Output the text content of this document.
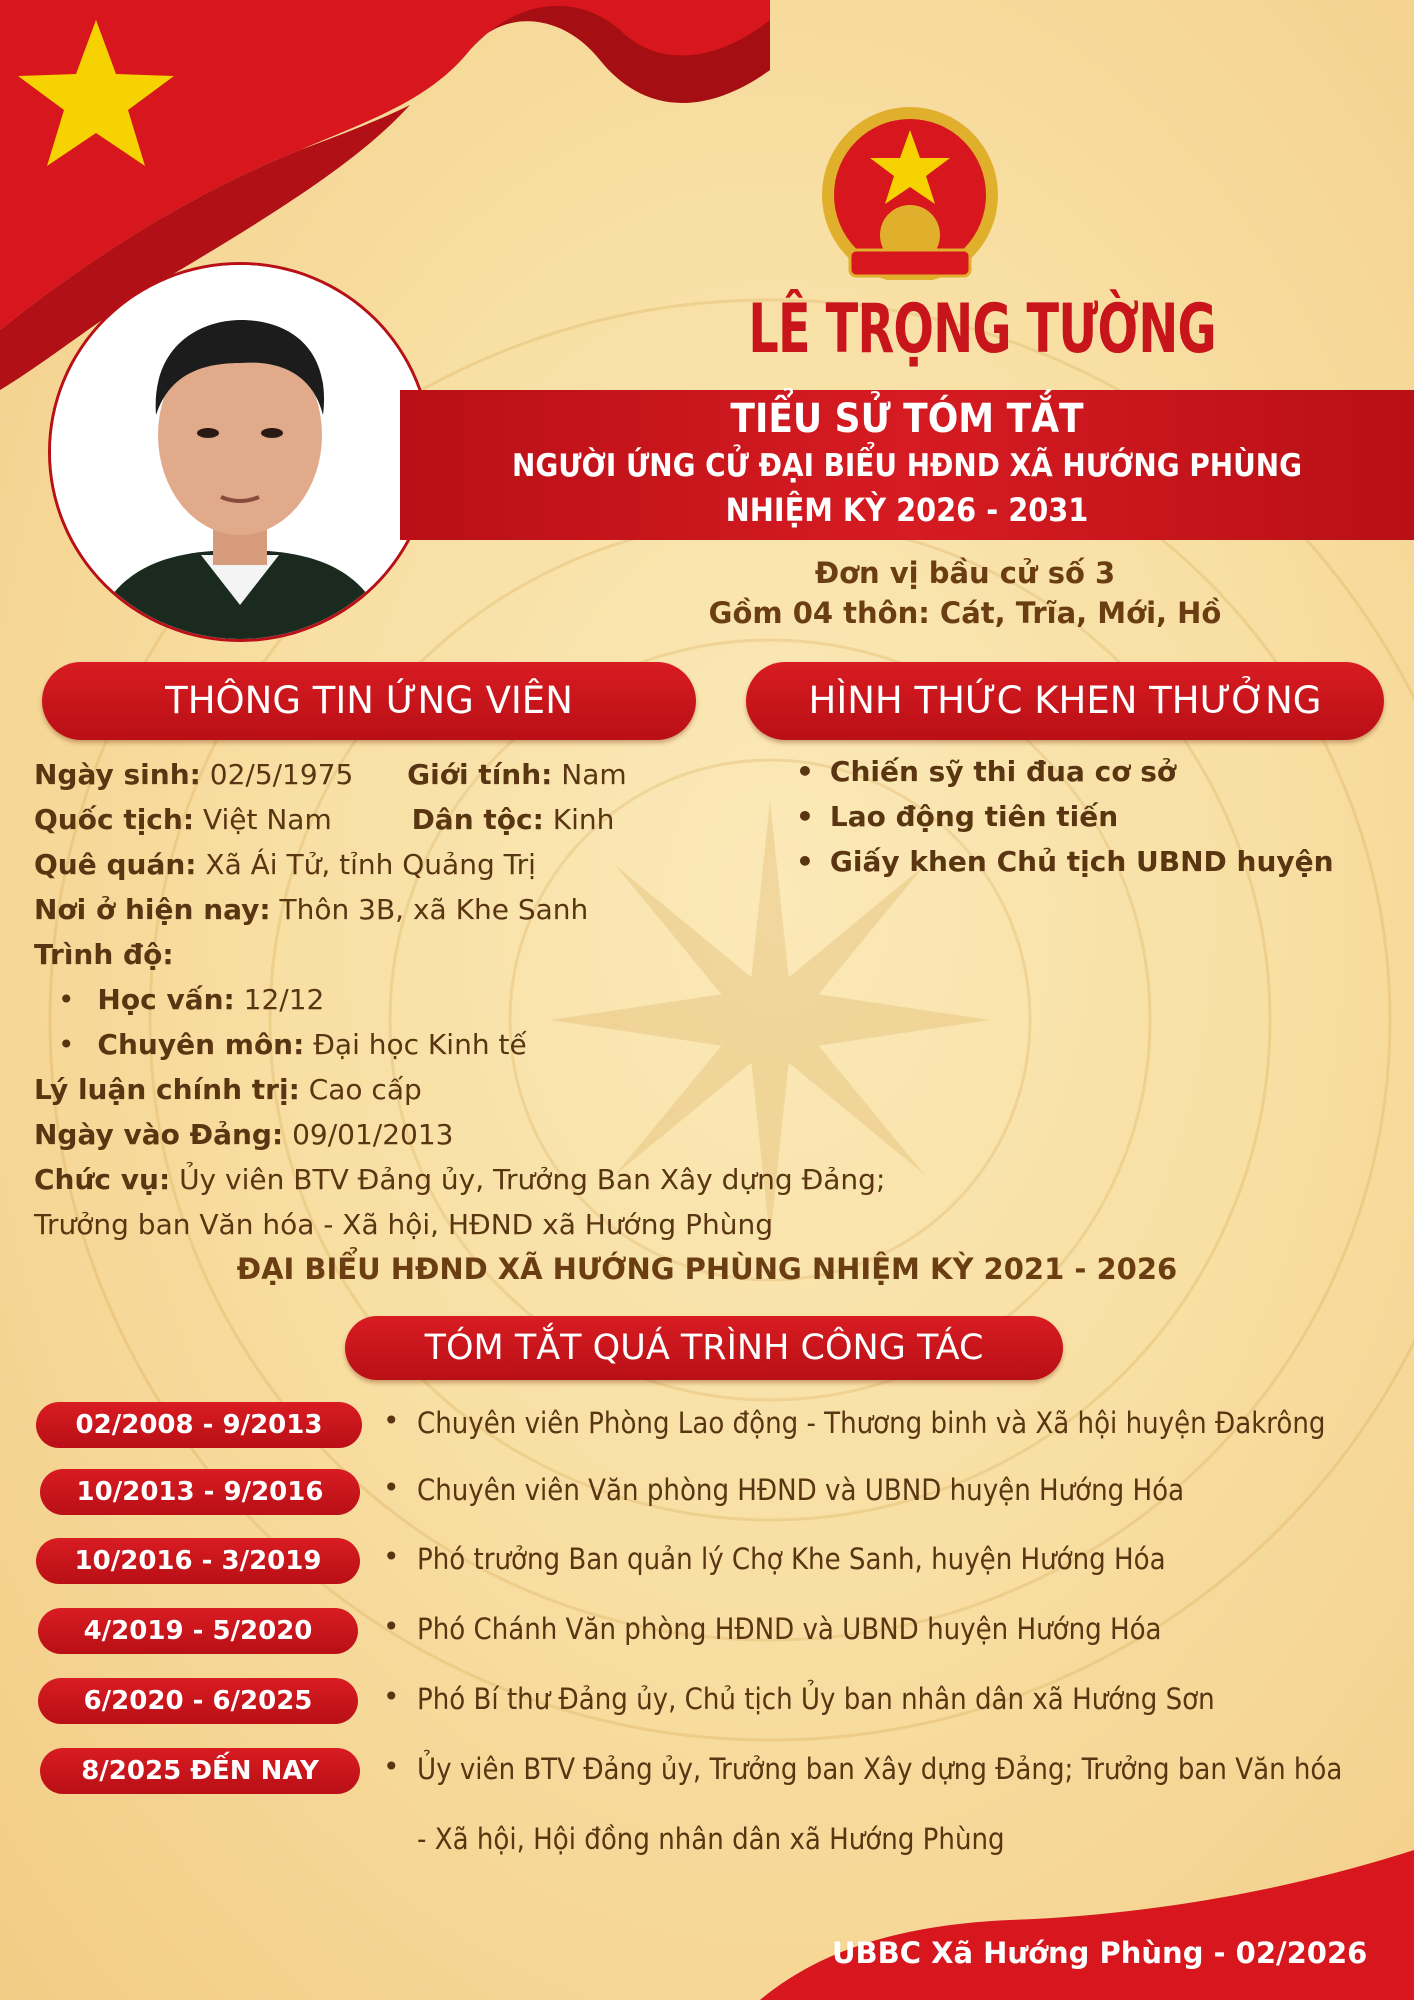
LÊ TRỌNG TƯỜNG
TIỂU SỬ TÓM TẮT
NGƯỜI ỨNG CỬ ĐẠI BIỂU HĐND XÃ HƯỚNG PHÙNG
NHIỆM KỲ 2026 - 2031
Đơn vị bầu cử số 3
Gồm 04 thôn: Cát, Trĩa, Mới, Hồ
THÔNG TIN ỨNG VIÊN	HÌNH THỨC KHEN THƯỞNG
Ngày sinh: 02/5/1975 Giới tính: Nam
Quốc tịch: Việt Nam	Dân tộc: Kinh
Quê quán: Xã Ái Tử, tỉnh Quảng Trị
Nơi ở hiện nay: Thôn 3B, xã Khe Sanh
Trình độ:
• Học vấn: 12/12
• Chuyên môn: Đại học Kinh tế
Lý luận chính trị: Cao cấp
Ngày vào Đảng: 09/01/2013
Chức vụ: Ủy viên BTV Đảng ủy, Trưởng Ban Xây dựng Đảng;
Trưởng ban Văn hóa - Xã hội, HĐND xã Hướng Phùng
• Chiến sỹ thi đua cơ sở
• Lao động tiên tiến
• Giấy khen Chủ tịch UBND huyện
ĐẠI BIỂU HĐND XÃ HƯỚNG PHÙNG NHIỆM KỲ 2021 - 2026
TÓM TẮT QUÁ TRÌNH CÔNG TÁC
02/2008 - 9/2013	• Chuyên viên Phòng Lao động - Thương binh và Xã hội huyện Đakrông
10/2013 - 9/2016	• Chuyên viên Văn phòng HĐND và UBND huyện Hướng Hóa
10/2016 - 3/2019	• Phó trưởng Ban quản lý Chợ Khe Sanh, huyện Hướng Hóa
4/2019 - 5/2020	• Phó Chánh Văn phòng HĐND và UBND huyện Hướng Hóa
6/2020 - 6/2025	• Phó Bí thư Đảng ủy, Chủ tịch Ủy ban nhân dân xã Hướng Sơn
8/2025 ĐẾN NAY	• Ủy viên BTV Đảng ủy, Trưởng ban Xây dựng Đảng; Trưởng ban Văn hóa
- Xã hội, Hội đồng nhân dân xã Hướng Phùng
UBBC Xã Hướng Phùng - 02/2026
